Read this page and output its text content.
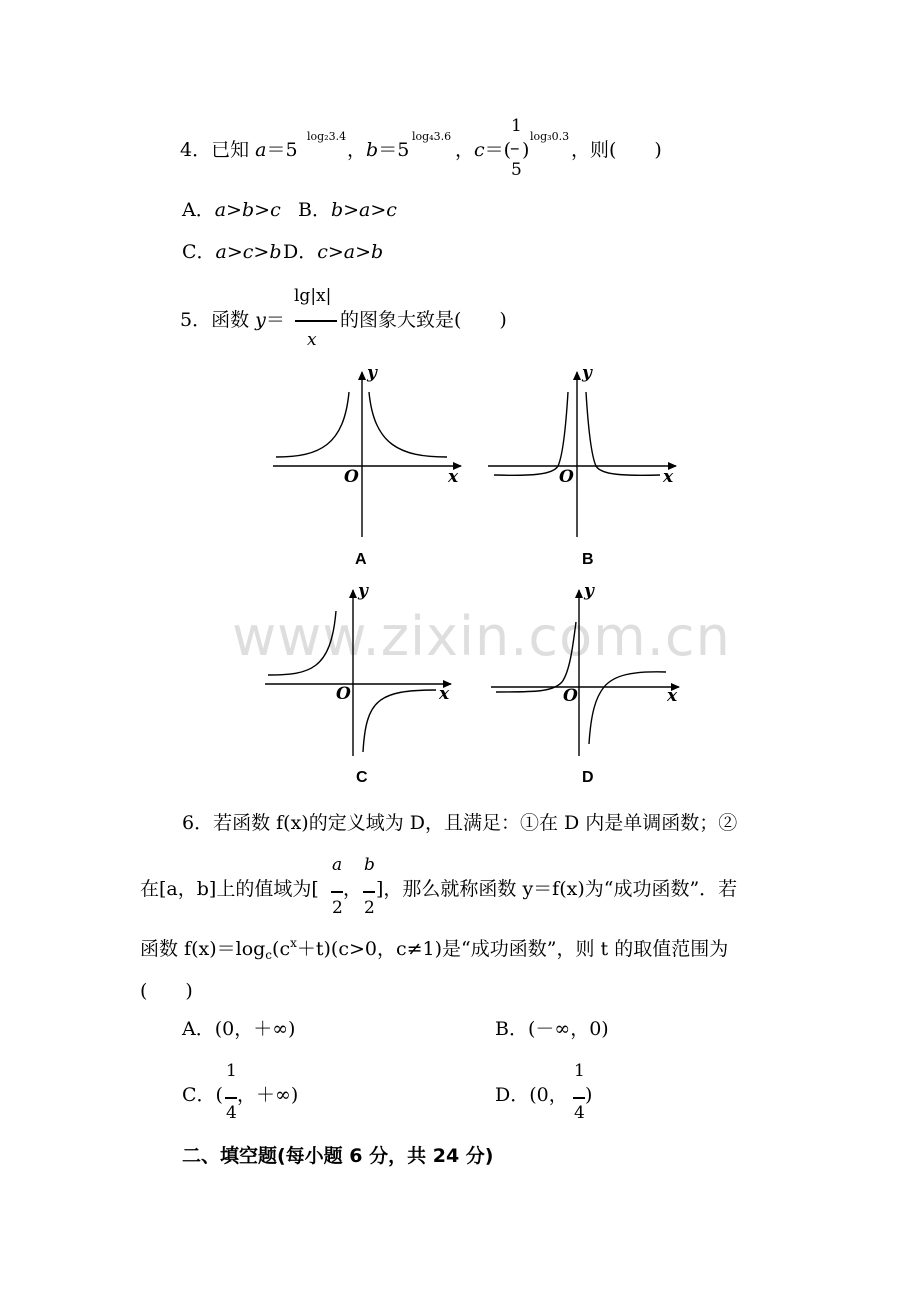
4．已知 a＝5
log₂3.4
，b＝5
log₄3.6
，c＝(
1
–
5
)
log₃0.3
，则(　　)
A．a>b>c B．b>a>c
C．a>c>b D．c>a>b
5．函数 y＝
lg|x|
x
的图象大致是(　　)
y
O	x
A
y
O	x
B
y
O	x
C
y
O	x
D
www.zixin.com.cn
6．若函数 f(x)的定义域为 D，且满足：①在 D 内是单调函数；②
在[a，b]上的值域为[
a
2
，
b
2
]，那么就称函数 y＝f(x)为“成功函数”．若
函数 $f(x)=\log_c(c^x+t)(c>0$，c≠1)是“成功函数”，则 t 的取值范围为
(　　)
A．(0，＋∞)	B．(－∞，0)
C．(
1
4
，＋∞)	D．(0，
1
4
)
二、填空题(每小题 6 分，共 24 分)
